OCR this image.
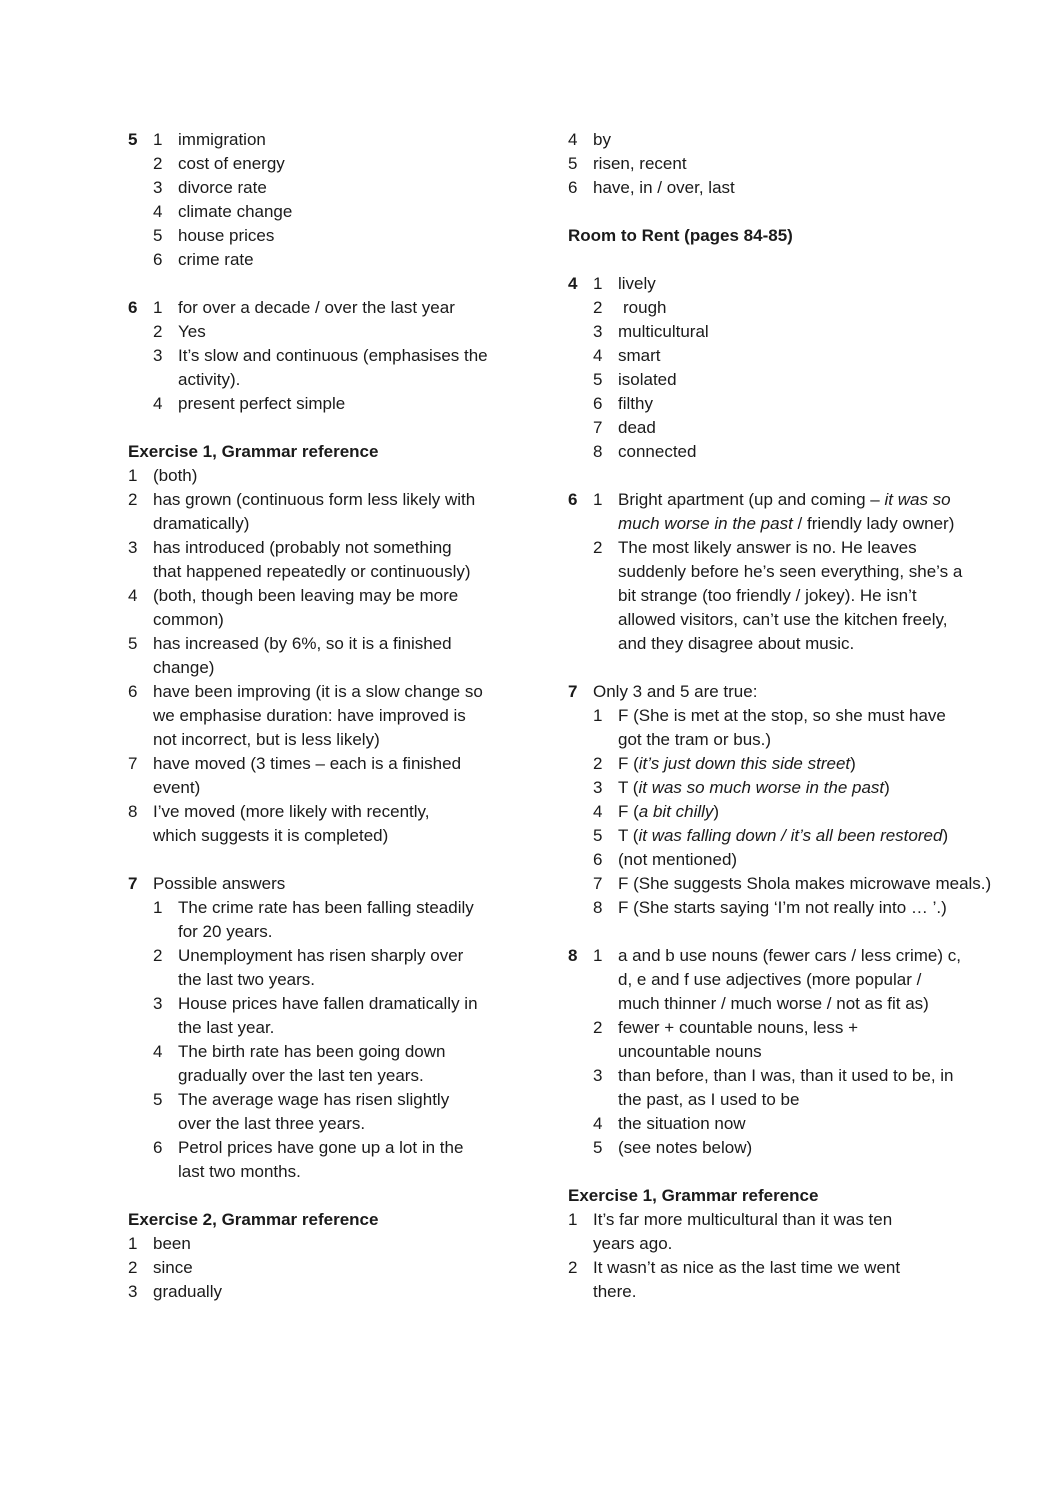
5 1 immigration
2 cost of energy
3 divorce rate
4 climate change
5 house prices
6 crime rate
6 1 for over a decade / over the last year
2 Yes
3 It’s slow and continuous (emphasises the activity).
4 present perfect simple
Exercise 1, Grammar reference
1 (both)
2 has grown (continuous form less likely with dramatically)
3 has introduced (probably not something that happened repeatedly or continuously)
4 (both, though been leaving may be more common)
5 has increased (by 6%, so it is a finished change)
6 have been improving (it is a slow change so we emphasise duration: have improved is not incorrect, but is less likely)
7 have moved (3 times – each is a finished event)
8 I’ve moved (more likely with recently, which suggests it is completed)
7 Possible answers
1 The crime rate has been falling steadily for 20 years.
2 Unemployment has risen sharply over the last two years.
3 House prices have fallen dramatically in the last year.
4 The birth rate has been going down gradually over the last ten years.
5 The average wage has risen slightly over the last three years.
6 Petrol prices have gone up a lot in the last two months.
Exercise 2, Grammar reference
1 been
2 since
3 gradually
4 by
5 risen, recent
6 have, in / over, last
Room to Rent (pages 84-85)
4 1 lively
2	rough
3 multicultural
4 smart
5 isolated
6 filthy
7 dead
8 connected
6 1 Bright apartment (up and coming – it was so much worse in the past / friendly lady owner)
2 The most likely answer is no. He leaves suddenly before he’s seen everything, she’s a bit strange (too friendly / jokey). He isn’t allowed visitors, can’t use the kitchen freely, and they disagree about music.
7 Only 3 and 5 are true:
1 F (She is met at the stop, so she must have got the tram or bus.)
2 F (it’s just down this side street)
3 T (it was so much worse in the past)
4 F (a bit chilly)
5 T (it was falling down / it’s all been restored)
6 (not mentioned)
7 F (She suggests Shola makes microwave meals.)
8 F (She starts saying ‘I’m not really into … ’.)
8 1 a and b use nouns (fewer cars / less crime) c, d, e and f use adjectives (more popular / much thinner / much worse / not as fit as)
2 fewer + countable nouns, less + uncountable nouns
3 than before, than I was, than it used to be, in the past, as I used to be
4 the situation now
5 (see notes below)
Exercise 1, Grammar reference
1 It’s far more multicultural than it was ten years ago.
2 It wasn’t as nice as the last time we went there.
